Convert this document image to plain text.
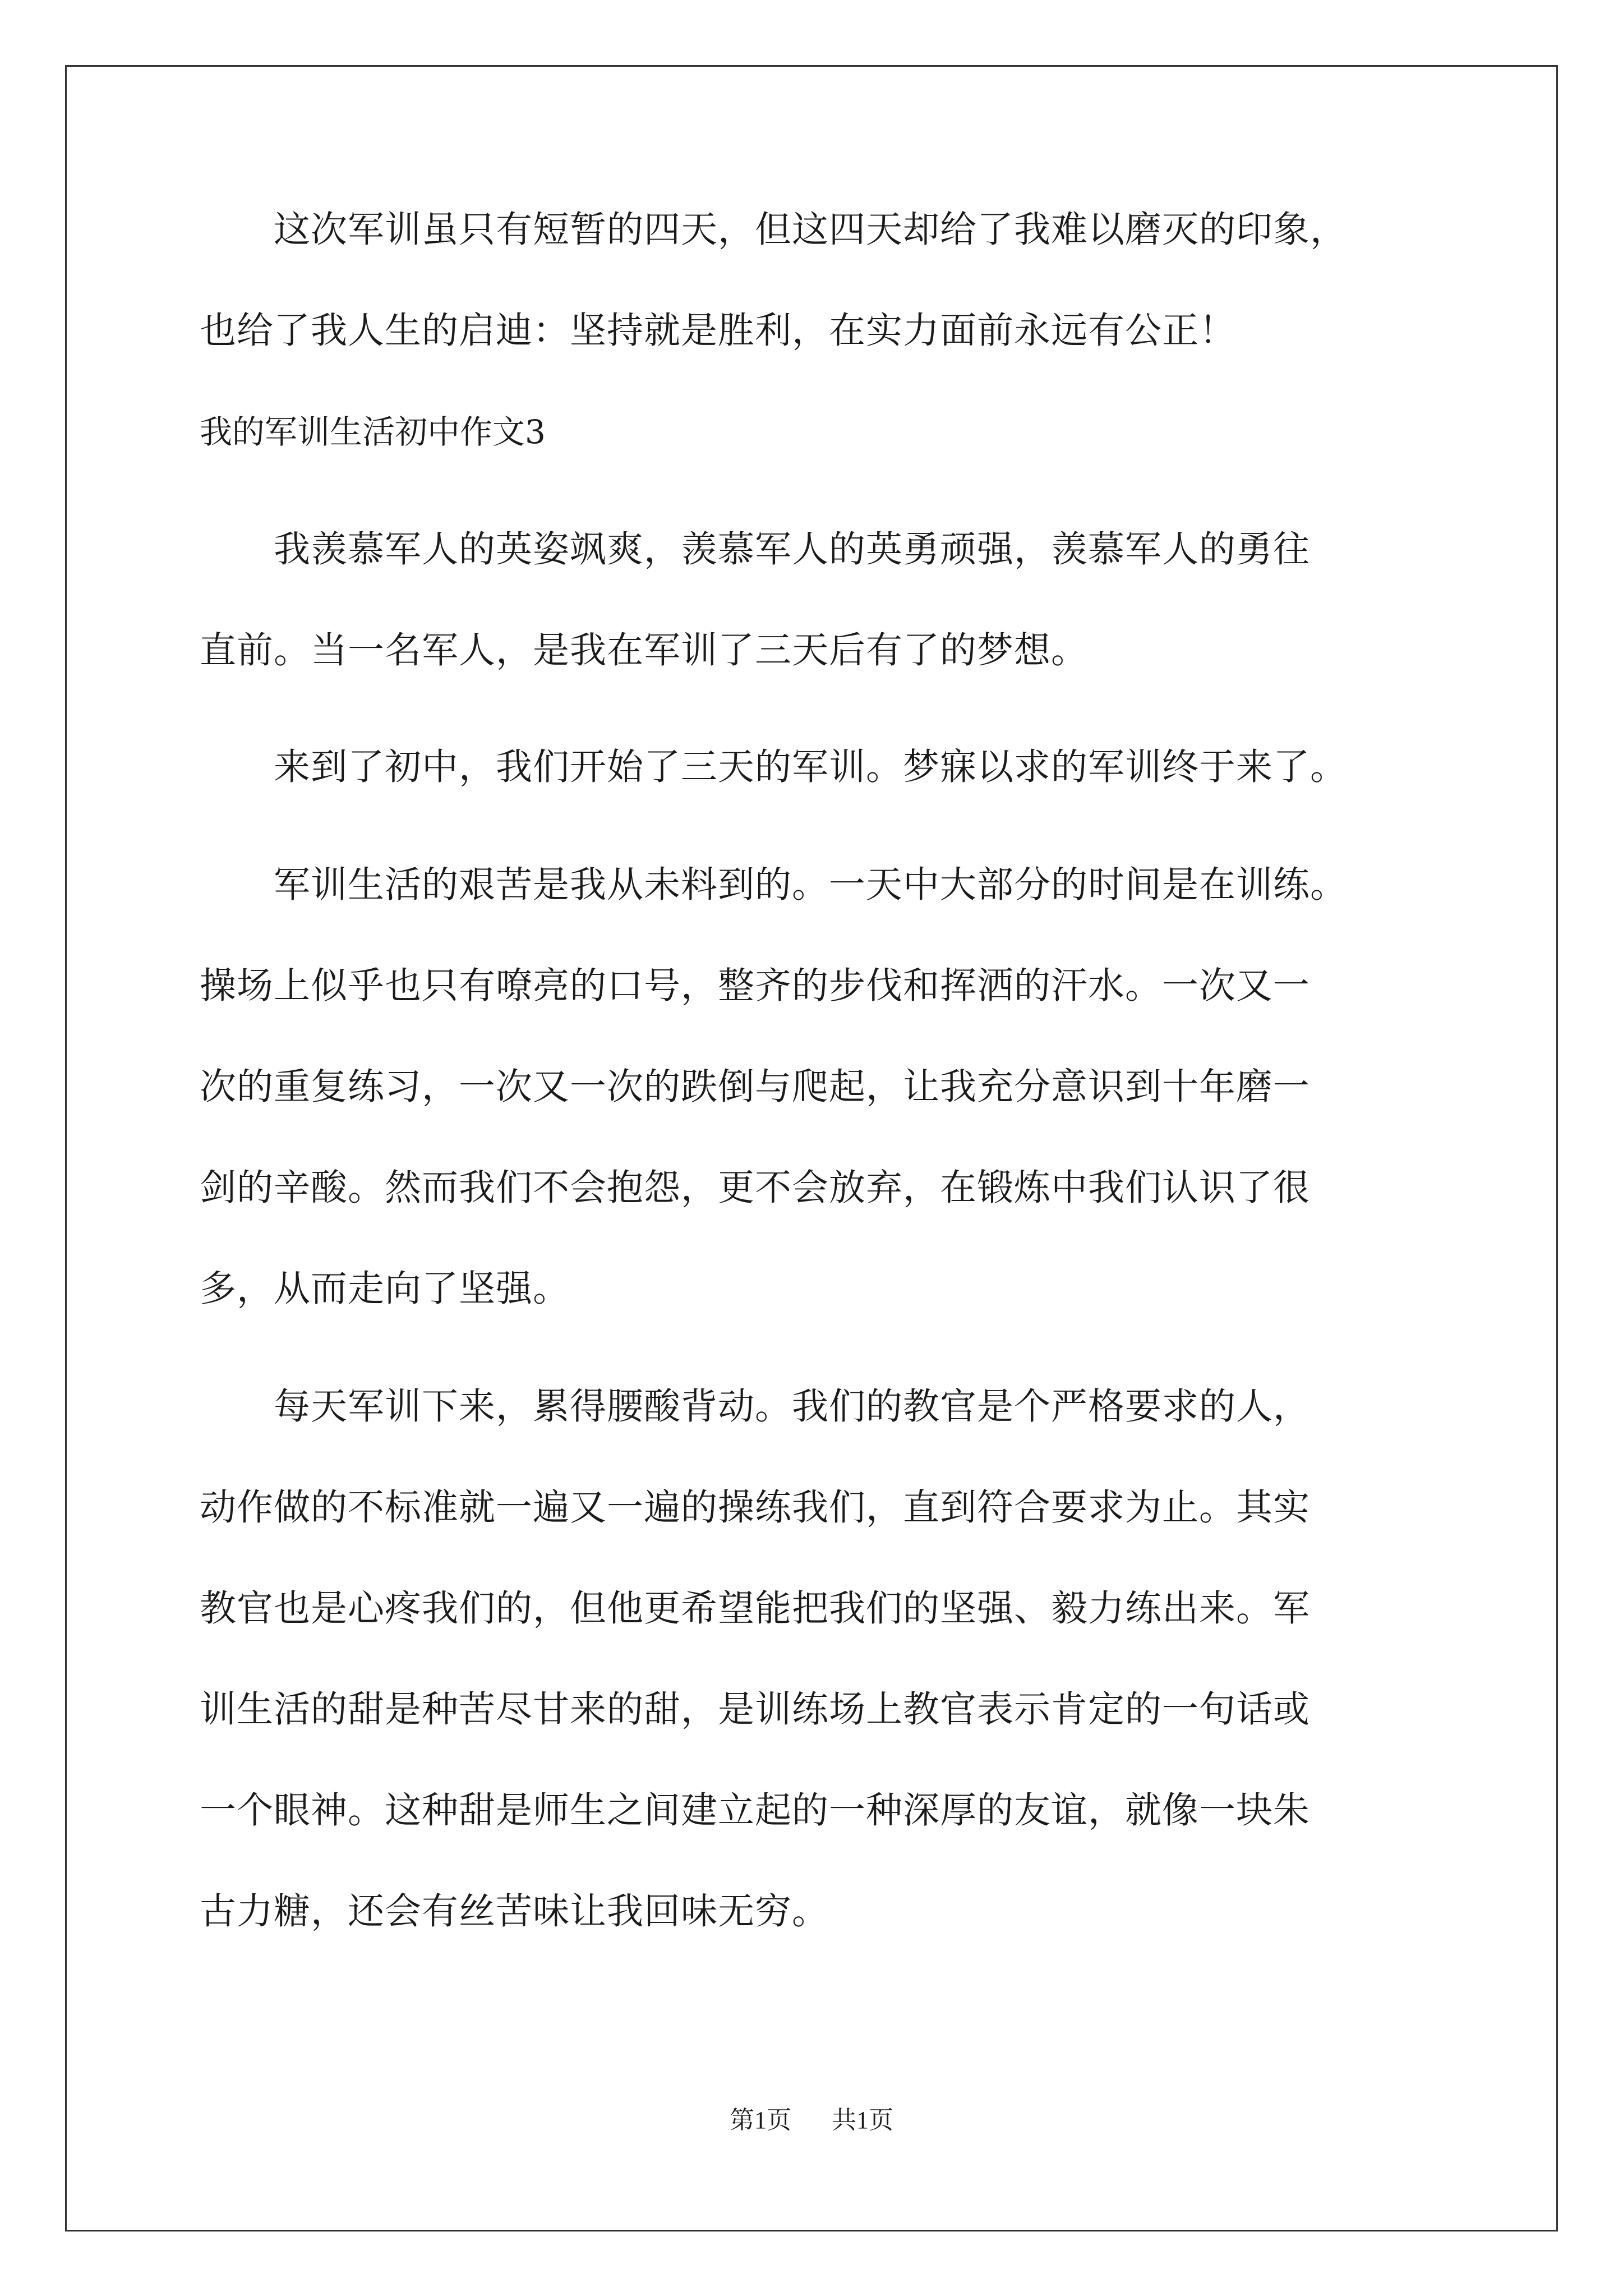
　　这次军训虽只有短暂的四天，但这四天却给了我难以磨灭的印象，
也给了我人生的启迪：坚持就是胜利，在实力面前永远有公正！
我的军训生活初中作文3
　　我羡慕军人的英姿飒爽，羡慕军人的英勇顽强，羡慕军人的勇往
直前。当一名军人，是我在军训了三天后有了的梦想。
　　来到了初中，我们开始了三天的军训。梦寐以求的军训终于来了。
　　军训生活的艰苦是我从未料到的。一天中大部分的时间是在训练。
操场上似乎也只有嘹亮的口号，整齐的步伐和挥洒的汗水。一次又一
次的重复练习，一次又一次的跌倒与爬起，让我充分意识到十年磨一
剑的辛酸。然而我们不会抱怨，更不会放弃，在锻炼中我们认识了很
多，从而走向了坚强。
　　每天军训下来，累得腰酸背动。我们的教官是个严格要求的人，
动作做的不标准就一遍又一遍的操练我们，直到符合要求为止。其实
教官也是心疼我们的，但他更希望能把我们的坚强、毅力练出来。军
训生活的甜是种苦尽甘来的甜，是训练场上教官表示肯定的一句话或
一个眼神。这种甜是师生之间建立起的一种深厚的友谊，就像一块朱
古力糖，还会有丝苦味让我回味无穷。
第1页 共1页
